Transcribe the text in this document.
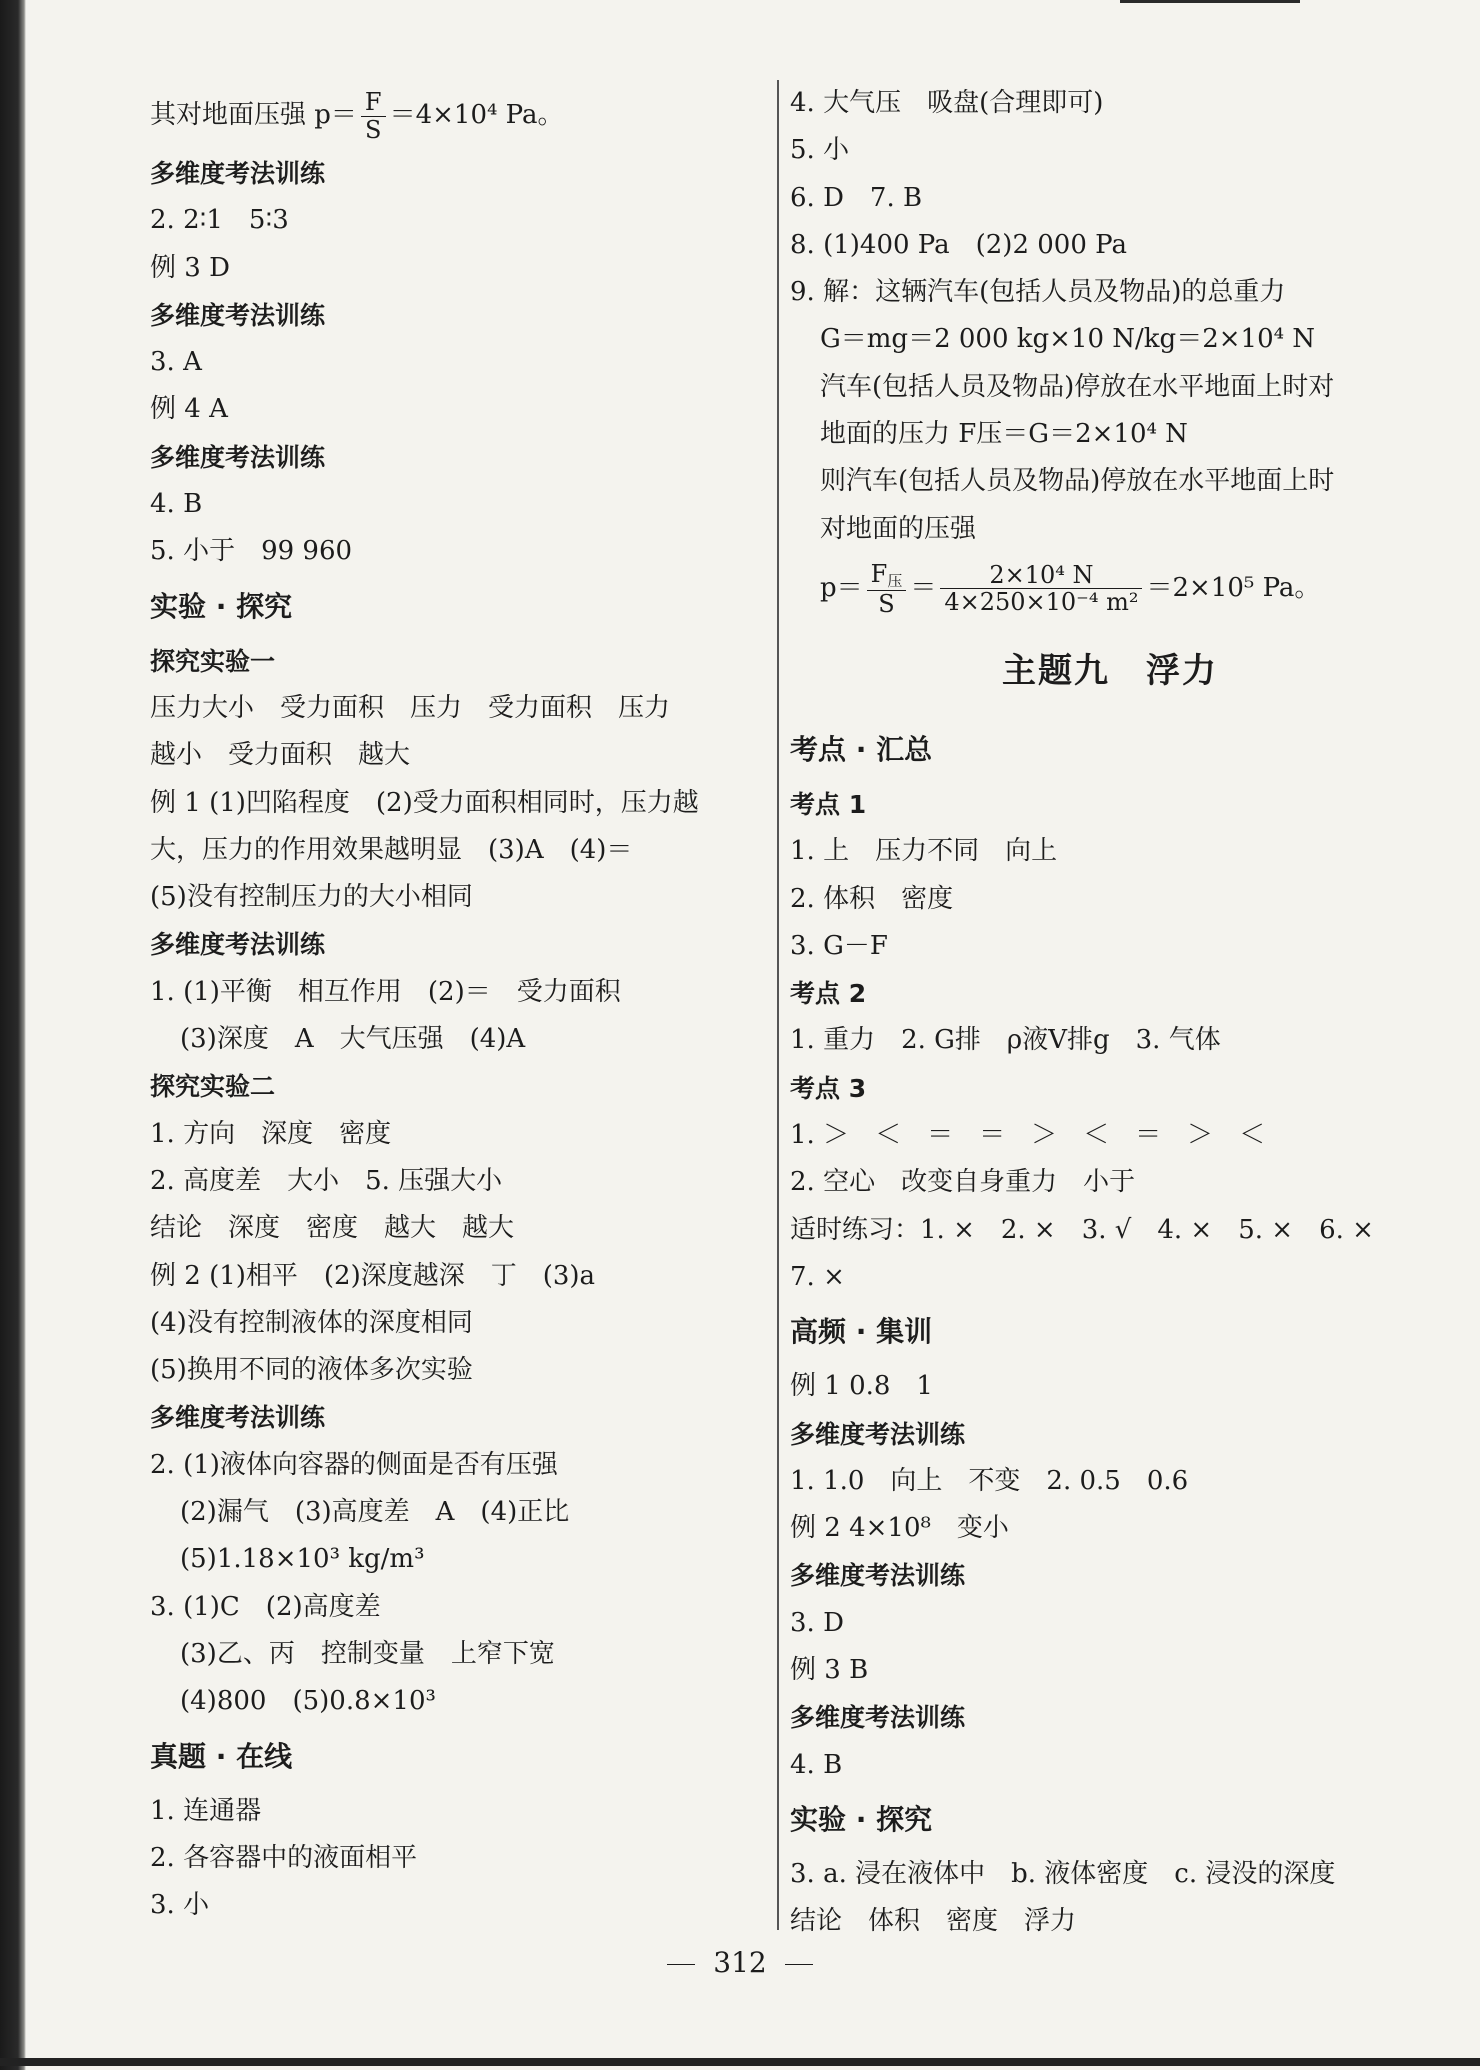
其对地面压强 $p= \frac{F}{S} =4\times 10^4$ Pa。
多维度考法训练
2. 2∶1　5∶3
例 3 D
多维度考法训练
3. A
例 4 A
多维度考法训练
4. B
5. 小于　99 960
实验 · 探究
探究实验一
压力大小　受力面积　压力　受力面积　压力
越小　受力面积　越大
例 1 (1)凹陷程度　(2)受力面积相同时，压力越
大，压力的作用效果越明显　(3)A　(4)＝
(5)没有控制压力的大小相同
多维度考法训练
1. (1)平衡　相互作用　(2)＝　受力面积
(3)深度　A　大气压强　(4)A
探究实验二
1. 方向　深度　密度
2. 高度差　大小　5. 压强大小
结论　深度　密度　越大　越大
例 2 (1)相平　(2)深度越深　丁　(3)a
(4)没有控制液体的深度相同
(5)换用不同的液体多次实验
多维度考法训练
2. (1)液体向容器的侧面是否有压强
(2)漏气　(3)高度差　A　(4)正比
(5)1.18×10³ kg/m³
3. (1)C　(2)高度差
(3)乙、丙　控制变量　上窄下宽
(4)800　(5)0.8×10³
真题 · 在线
1. 连通器
2. 各容器中的液面相平
3. 小
4. 大气压　吸盘(合理即可)
5. 小
6. D　7. B
8. (1)400 Pa　(2)2 000 Pa
9. 解：这辆汽车(包括人员及物品)的总重力
G＝mg＝2 000 kg×10 N/kg＝2×10⁴ N
汽车(包括人员及物品)停放在水平地面上时对
地面的压力 F压＝G＝2×10⁴ N
则汽车(包括人员及物品)停放在水平地面上时
对地面的压强
$p= \frac{\text{F压}}{S} = \frac{\text{2×10⁴ N}}{\text{4×250×10⁻⁴ m²}} =2\times 10^5$ Pa。
主题九　浮力
考点 · 汇总
考点 1
1. 上　压力不同　向上
2. 体积　密度
3. G－F
考点 2
1. 重力　2. G排　ρ液V排g　3. 气体
考点 3
1. ＞　＜　＝　＝　＞　＜　＝　＞　＜
2. 空心　改变自身重力　小于
适时练习：1. ×　2. ×　3. √　4. ×　5. ×　6. ×
7. ×
高频 · 集训
例 1 0.8　1
多维度考法训练
1. 1.0　向上　不变　2. 0.5　0.6
例 2 4×10⁸　变小
多维度考法训练
3. D
例 3 B
多维度考法训练
4. B
实验 · 探究
3. a. 浸在液体中　b. 液体密度　c. 浸没的深度
结论　体积　密度　浮力
312
